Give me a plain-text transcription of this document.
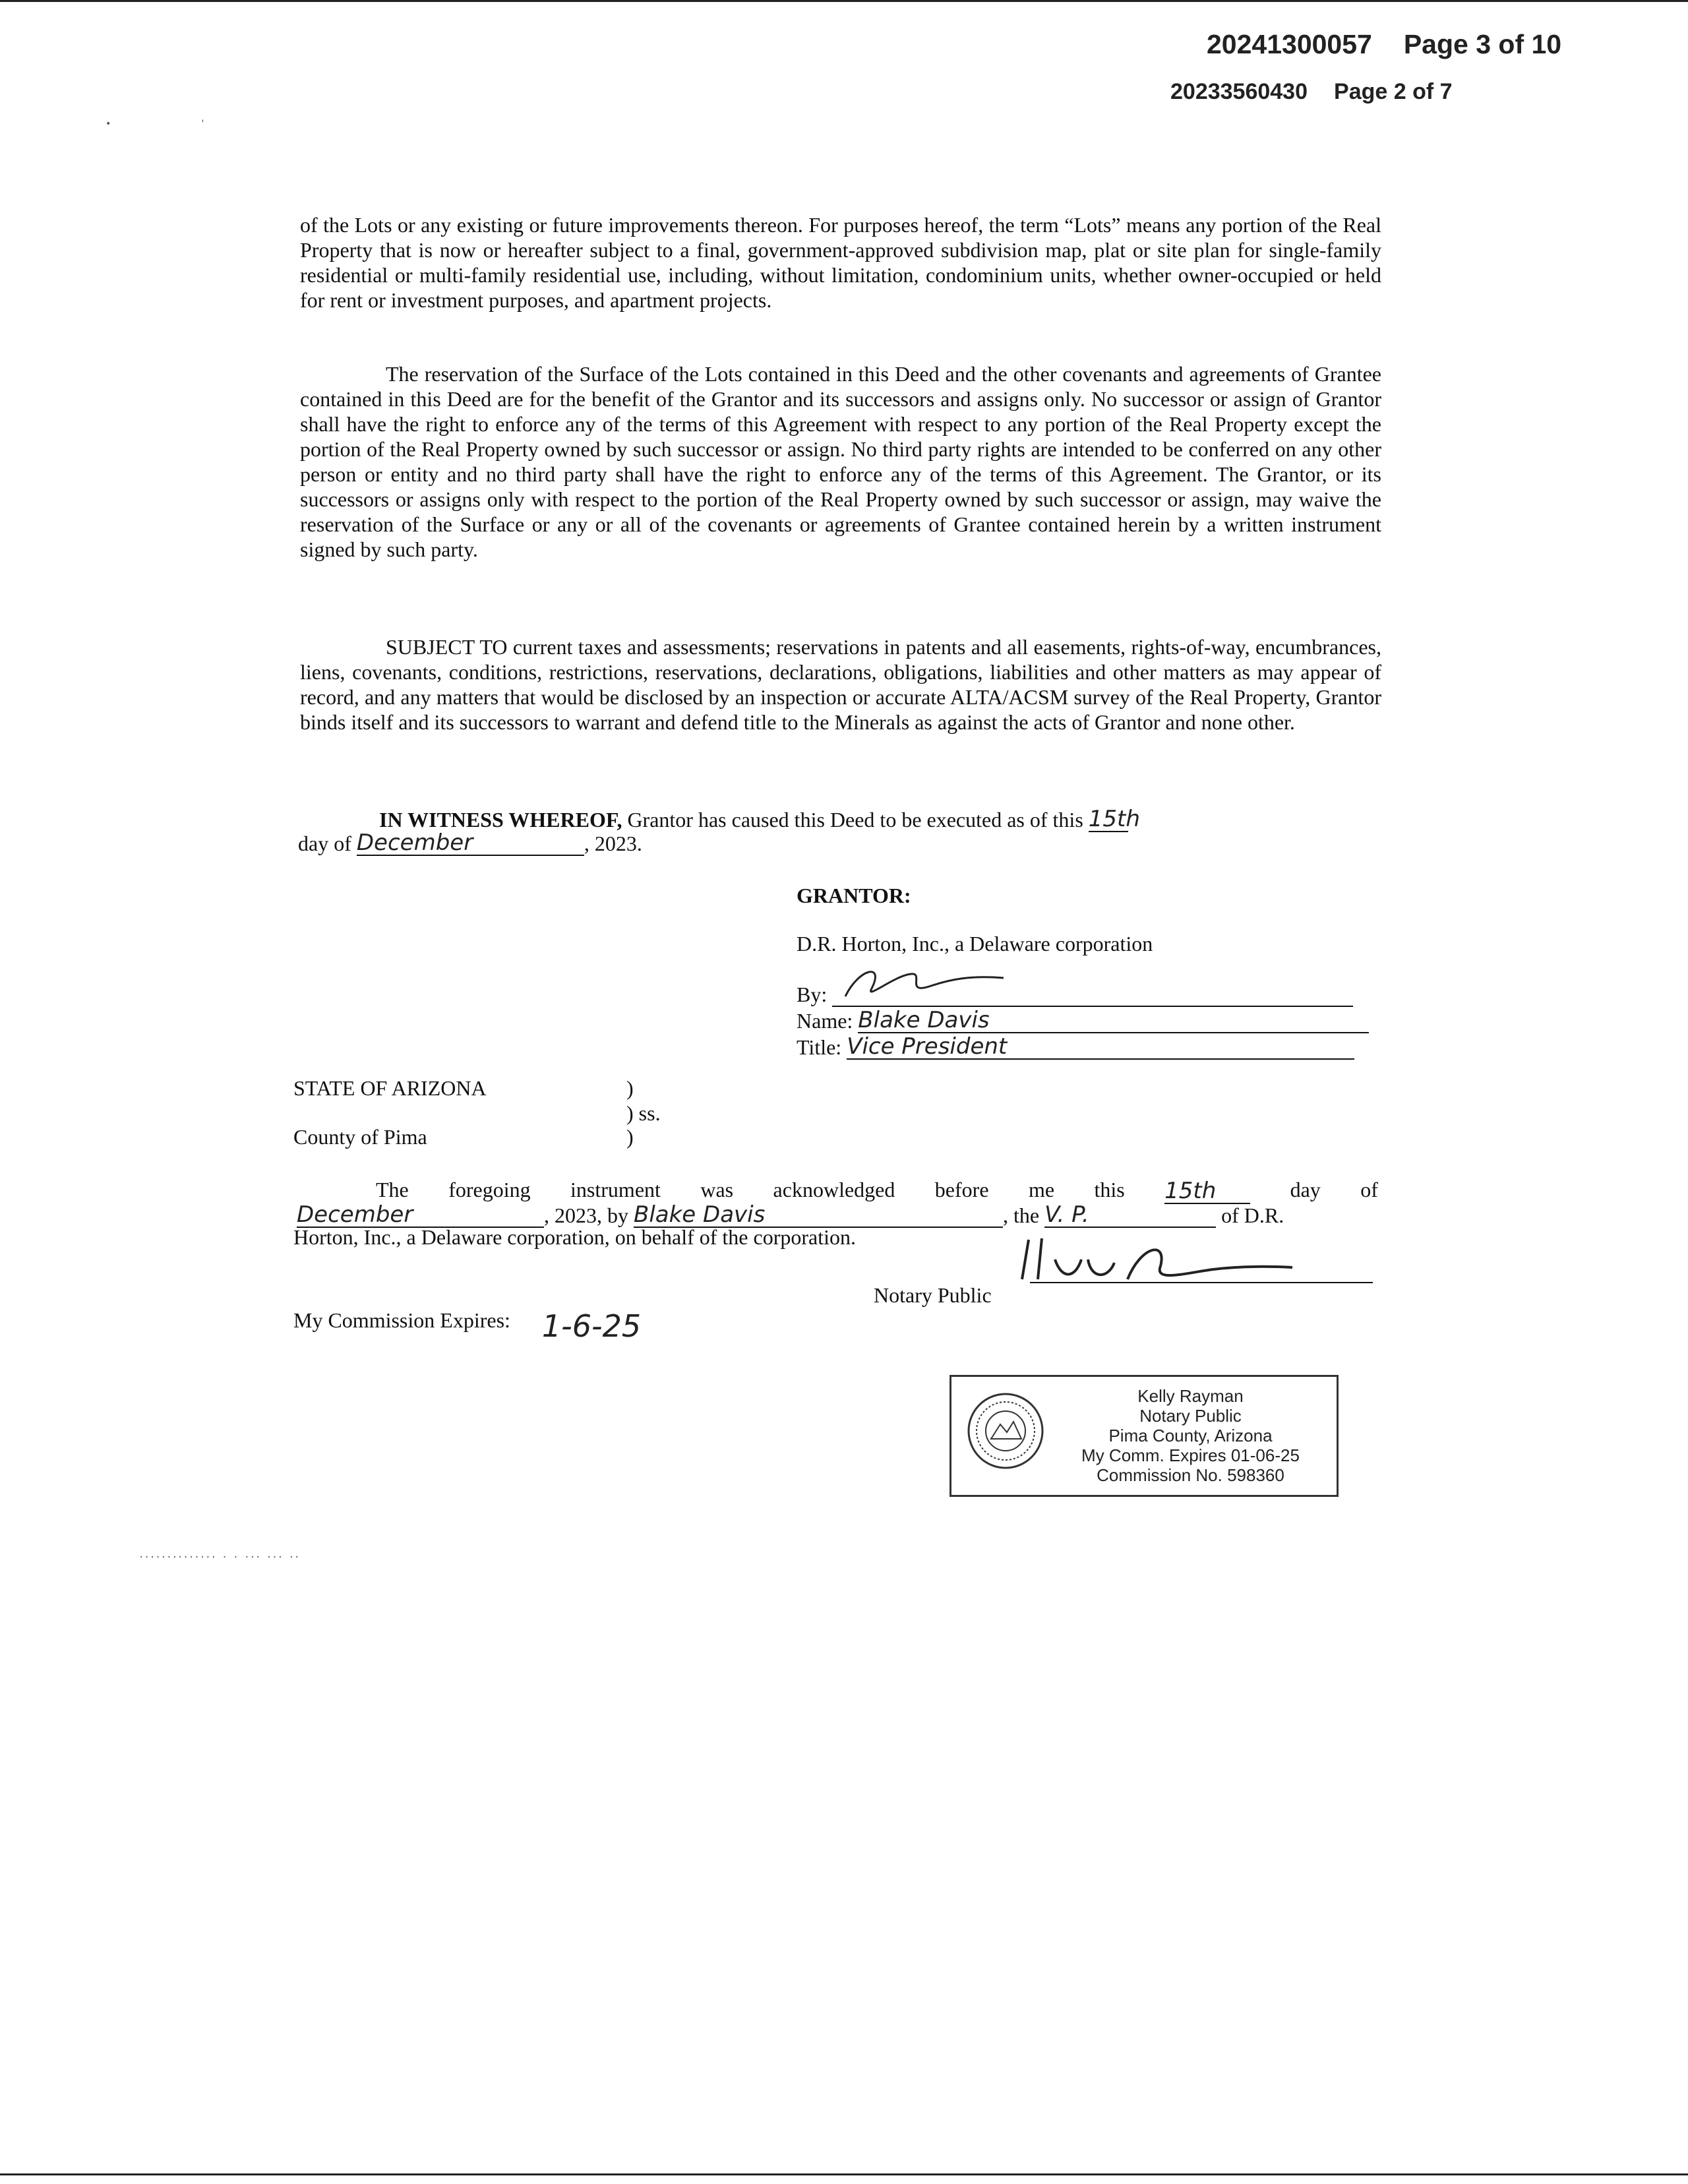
20241300057 Page 3 of 10
20233560430 Page 2 of 7
•                '
.............. . . ... ... ..

of the Lots or any existing or future improvements thereon. For purposes hereof, the term “Lots” means any portion of the Real Property that is now or hereafter subject to a final, government-approved subdivision map, plat or site plan for single-family residential or multi-family residential use, including, without limitation, condominium units, whether owner-occupied or held for rent or investment purposes, and apartment projects.

The reservation of the Surface of the Lots contained in this Deed and the other covenants and agreements of Grantee contained in this Deed are for the benefit of the Grantor and its successors and assigns only. No successor or assign of Grantor shall have the right to enforce any of the terms of this Agreement with respect to any portion of the Real Property except the portion of the Real Property owned by such successor or assign. No third party rights are intended to be conferred on any other person or entity and no third party shall have the right to enforce any of the terms of this Agreement. The Grantor, or its successors or assigns only with respect to the portion of the Real Property owned by such successor or assign, may waive the reservation of the Surface or any or all of the covenants or agreements of Grantee contained herein by a written instrument signed by such party.

SUBJECT TO current taxes and assessments; reservations in patents and all easements, rights-of-way, encumbrances, liens, covenants, conditions, restrictions, reservations, declarations, obligations, liabilities and other matters as may appear of record, and any matters that would be disclosed by an inspection or accurate ALTA/ACSM survey of the Real Property, Grantor binds itself and its successors to warrant and defend title to the Minerals as against the acts of Grantor and none other.

IN WITNESS WHEREOF, Grantor has caused this Deed to be executed as of this 15th
day of December	, 2023.
GRANTOR:
D.R. Horton, Inc., a Delaware corporation
By:
Name: Blake Davis
Title: Vice President
STATE OF ARIZONA	)
) ss.
County of Pima	)
The foregoing instrument was acknowledged before me this 15th	day of
December	, 2023, by Blake Davis	, the V. P.	of D.R.
Horton, Inc., a Delaware corporation, on behalf of the corporation.
Notary Public
My Commission Expires: 1-6-25
Kelly Rayman
Notary Public
Pima County, Arizona
My Comm. Expires 01-06-25
Commission No. 598360
